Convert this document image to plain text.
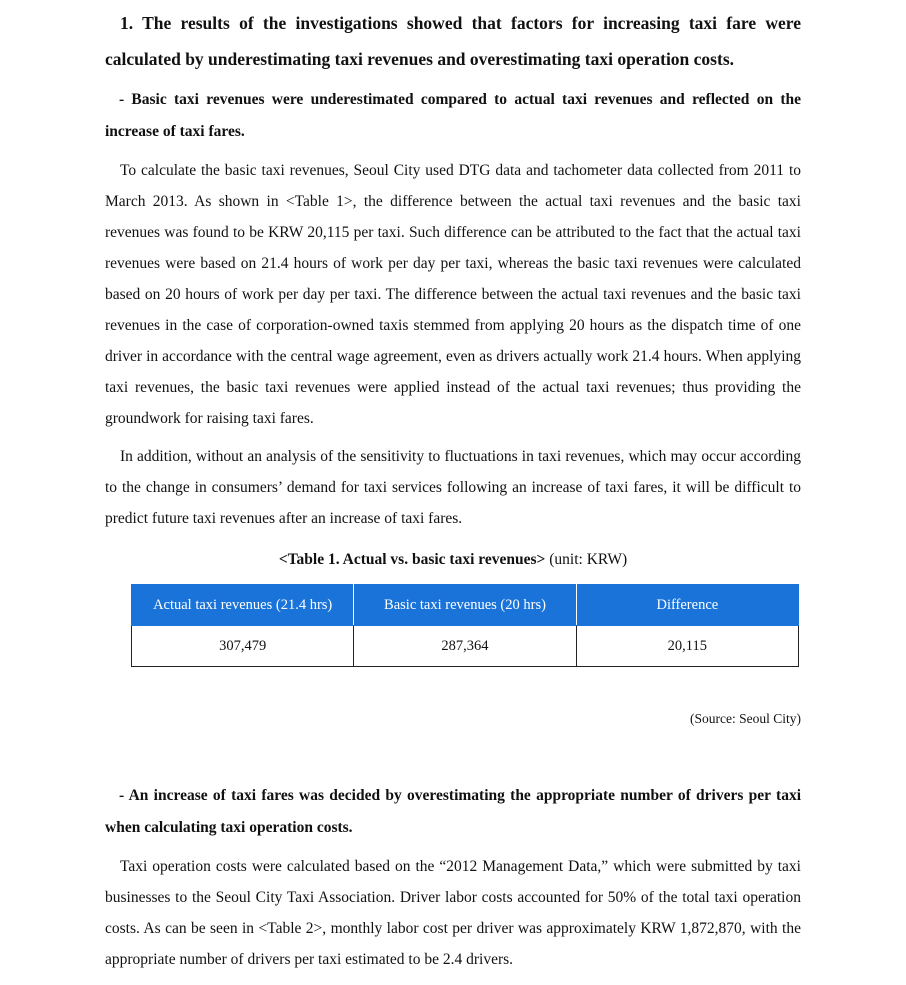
1. The results of the investigations showed that factors for increasing taxi fare were calculated by underestimating taxi revenues and overestimating taxi operation costs.

- Basic taxi revenues were underestimated compared to actual taxi revenues and reflected on the increase of taxi fares.

To calculate the basic taxi revenues, Seoul City used DTG data and tachometer data collected from 2011 to March 2013. As shown in <Table 1>, the difference between the actual taxi revenues and the basic taxi revenues was found to be KRW 20,115 per taxi. Such difference can be attributed to the fact that the actual taxi revenues were based on 21.4 hours of work per day per taxi, whereas the basic taxi revenues were calculated based on 20 hours of work per day per taxi. The difference between the actual taxi revenues and the basic taxi revenues in the case of corporation-owned taxis stemmed from applying 20 hours as the dispatch time of one driver in accordance with the central wage agreement, even as drivers actually work 21.4 hours. When applying taxi revenues, the basic taxi revenues were applied instead of the actual taxi revenues; thus providing the groundwork for raising taxi fares.

In addition, without an analysis of the sensitivity to fluctuations in taxi revenues, which may occur according to the change in consumers’ demand for taxi services following an increase of taxi fares, it will be difficult to predict future taxi revenues after an increase of taxi fares.

<Table 1. Actual vs. basic taxi revenues> (unit: KRW)

Actual taxi revenues (21.4 hrs)	Basic taxi revenues (20 hrs)	Difference
307,479	287,364	20,115
(Source: Seoul City)

- An increase of taxi fares was decided by overestimating the appropriate number of drivers per taxi when calculating taxi operation costs.

Taxi operation costs were calculated based on the “2012 Management Data,” which were submitted by taxi businesses to the Seoul City Taxi Association. Driver labor costs accounted for 50% of the total taxi operation costs. As can be seen in <Table 2>, monthly labor cost per driver was approximately KRW 1,872,870, with the appropriate number of drivers per taxi estimated to be 2.4 drivers.
